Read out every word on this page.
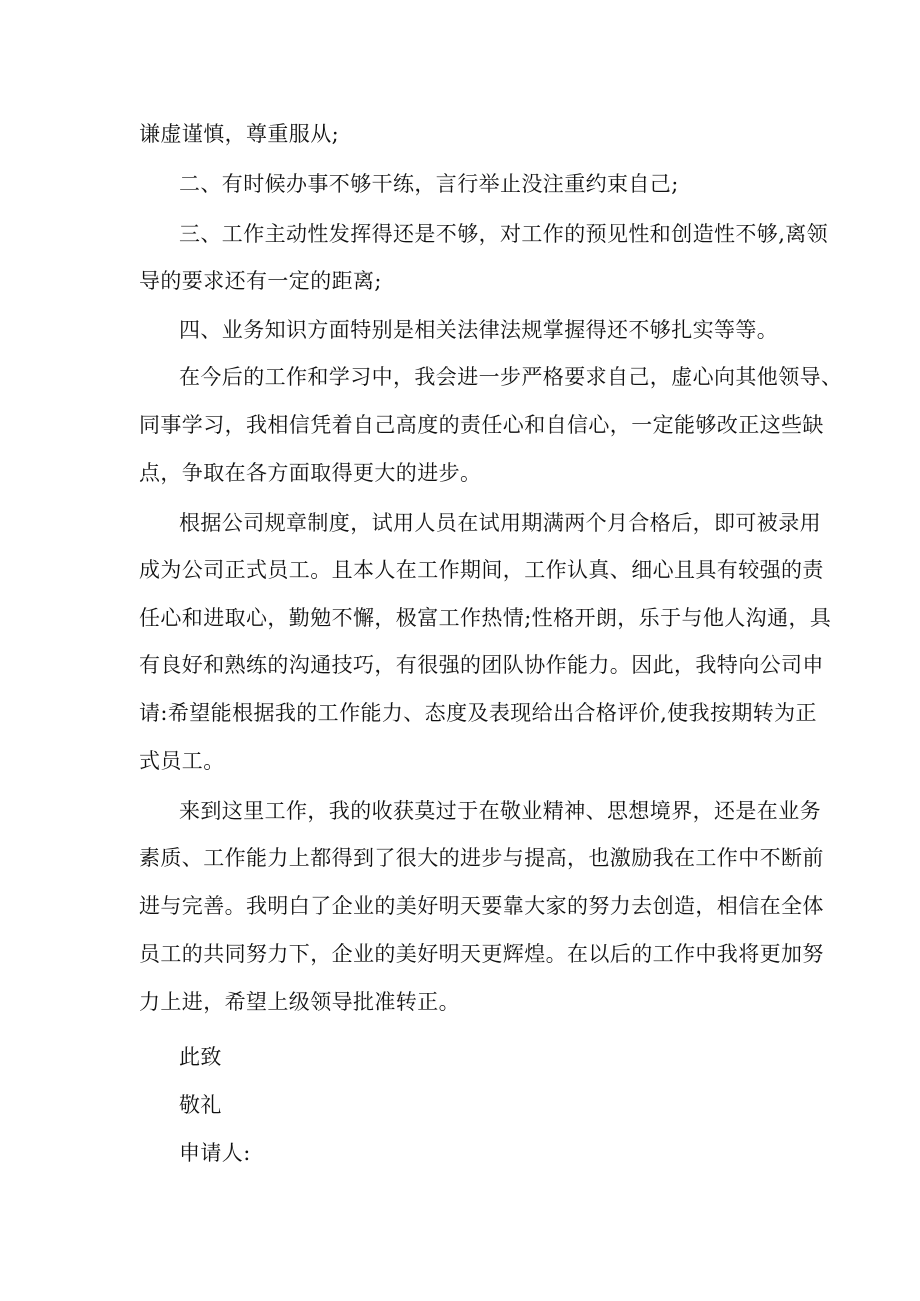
谦虚谨慎，尊重服从;
二、有时候办事不够干练，言行举止没注重约束自己;
三、工作主动性发挥得还是不够，对工作的预见性和创造性不够,离领
导的要求还有一定的距离;
四、业务知识方面特别是相关法律法规掌握得还不够扎实等等。
在今后的工作和学习中，我会进一步严格要求自己，虚心向其他领导、
同事学习，我相信凭着自己高度的责任心和自信心，一定能够改正这些缺
点，争取在各方面取得更大的进步。
根据公司规章制度，试用人员在试用期满两个月合格后，即可被录用
成为公司正式员工。且本人在工作期间，工作认真、细心且具有较强的责
任心和进取心，勤勉不懈，极富工作热情;性格开朗，乐于与他人沟通，具
有良好和熟练的沟通技巧，有很强的团队协作能力。因此，我特向公司申
请:希望能根据我的工作能力、态度及表现给出合格评价,使我按期转为正
式员工。
来到这里工作，我的收获莫过于在敬业精神、思想境界，还是在业务
素质、工作能力上都得到了很大的进步与提高，也激励我在工作中不断前
进与完善。我明白了企业的美好明天要靠大家的努力去创造，相信在全体
员工的共同努力下，企业的美好明天更辉煌。在以后的工作中我将更加努
力上进，希望上级领导批准转正。
此致
敬礼
申请人:
